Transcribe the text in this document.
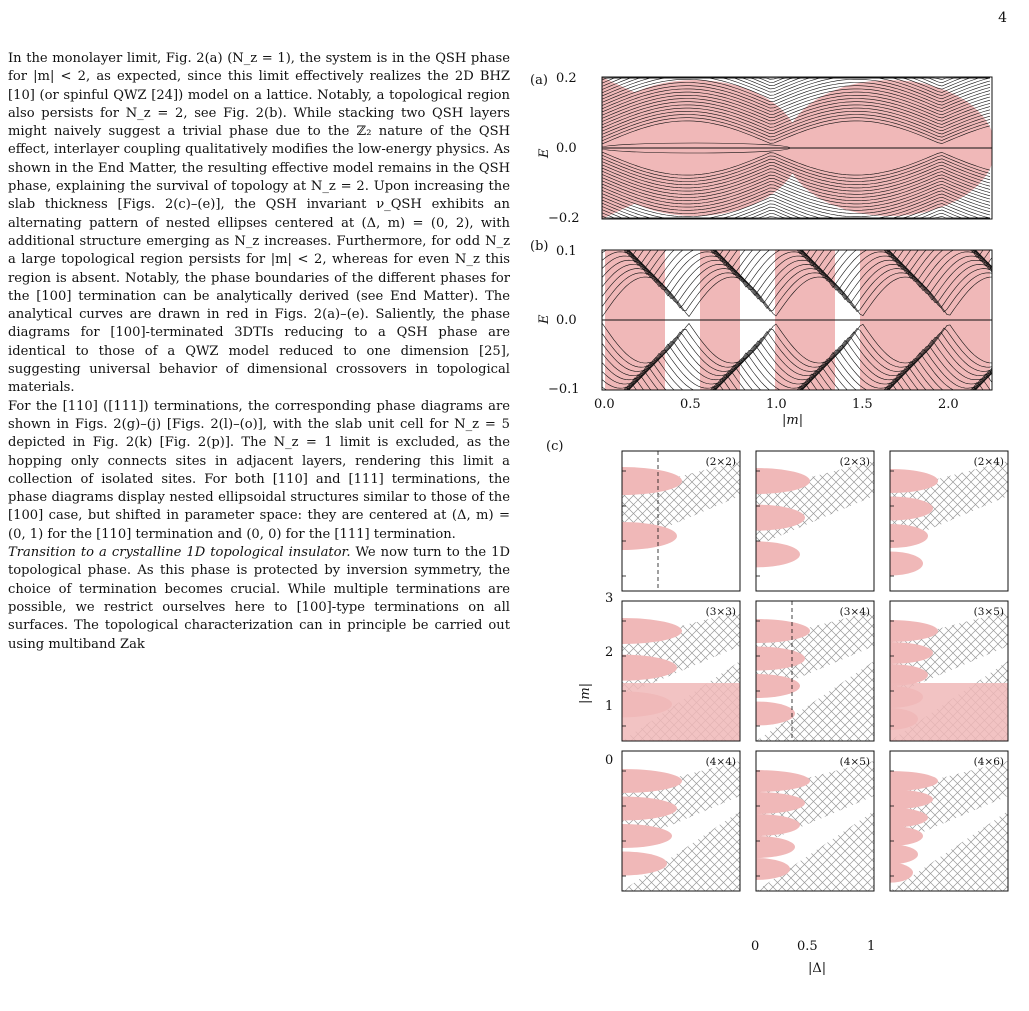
4

In the monolayer limit, Fig. 2(a) (N_z = 1), the system is in the QSH phase for |m| < 2, as expected, since this limit effectively realizes the 2D BHZ [10] (or spinful QWZ [24]) model on a lattice. Notably, a topological region also persists for N_z = 2, see Fig. 2(b). While stacking two QSH layers might naively suggest a trivial phase due to the ℤ₂ nature of the QSH effect, interlayer coupling qualitatively modifies the low-energy physics. As shown in the End Matter, the resulting effective model remains in the QSH phase, explaining the survival of topology at N_z = 2. Upon increasing the slab thickness [Figs. 2(c)–(e)], the QSH invariant ν_QSH exhibits an alternating pattern of nested ellipses centered at (Δ, m) = (0, 2), with additional structure emerging as N_z increases. Furthermore, for odd N_z a large topological region persists for |m| < 2, whereas for even N_z this region is absent. Notably, the phase boundaries of the different phases for the [100] termination can be analytically derived (see End Matter). The analytical curves are drawn in red in Figs. 2(a)–(e). Saliently, the phase diagrams for [100]-terminated 3DTIs reducing to a QSH phase are identical to those of a QWZ model reduced to one dimension [25], suggesting universal behavior of dimensional crossovers in topological materials.

For the [110] ([111]) terminations, the corresponding phase diagrams are shown in Figs. 2(g)–(j) [Figs. 2(l)–(o)], with the slab unit cell for N_z = 5 depicted in Fig. 2(k) [Fig. 2(p)]. The N_z = 1 limit is excluded, as the hopping only connects sites in adjacent layers, rendering this limit a collection of isolated sites. For both [110] and [111] terminations, the phase diagrams display nested ellipsoidal structures similar to those of the [100] case, but shifted in parameter space: they are centered at (Δ, m) = (0, 1) for the [110] termination and (0, 0) for the [111] termination.

Transition to a crystalline 1D topological insulator. We now turn to the 1D topological phase. As this phase is protected by inversion symmetry, the choice of termination becomes crucial. While multiple terminations are possible, we restrict ourselves here to [100]-type terminations on all surfaces. The topological characterization can in principle be carried out using multiband Zak

(a)
E
0.2
0.0
−0.2
(b)
E
0.1
0.0
−0.1
0.0	0.5	1.0	1.5	2.0
|m|
(c)
(2×2)	(2×3)	(2×4)
(3×3)	(3×4)	(3×5)
(4×4)	(4×5)	(4×6)
|m|
3
2
1
0
0	0.5	1
|Δ|
